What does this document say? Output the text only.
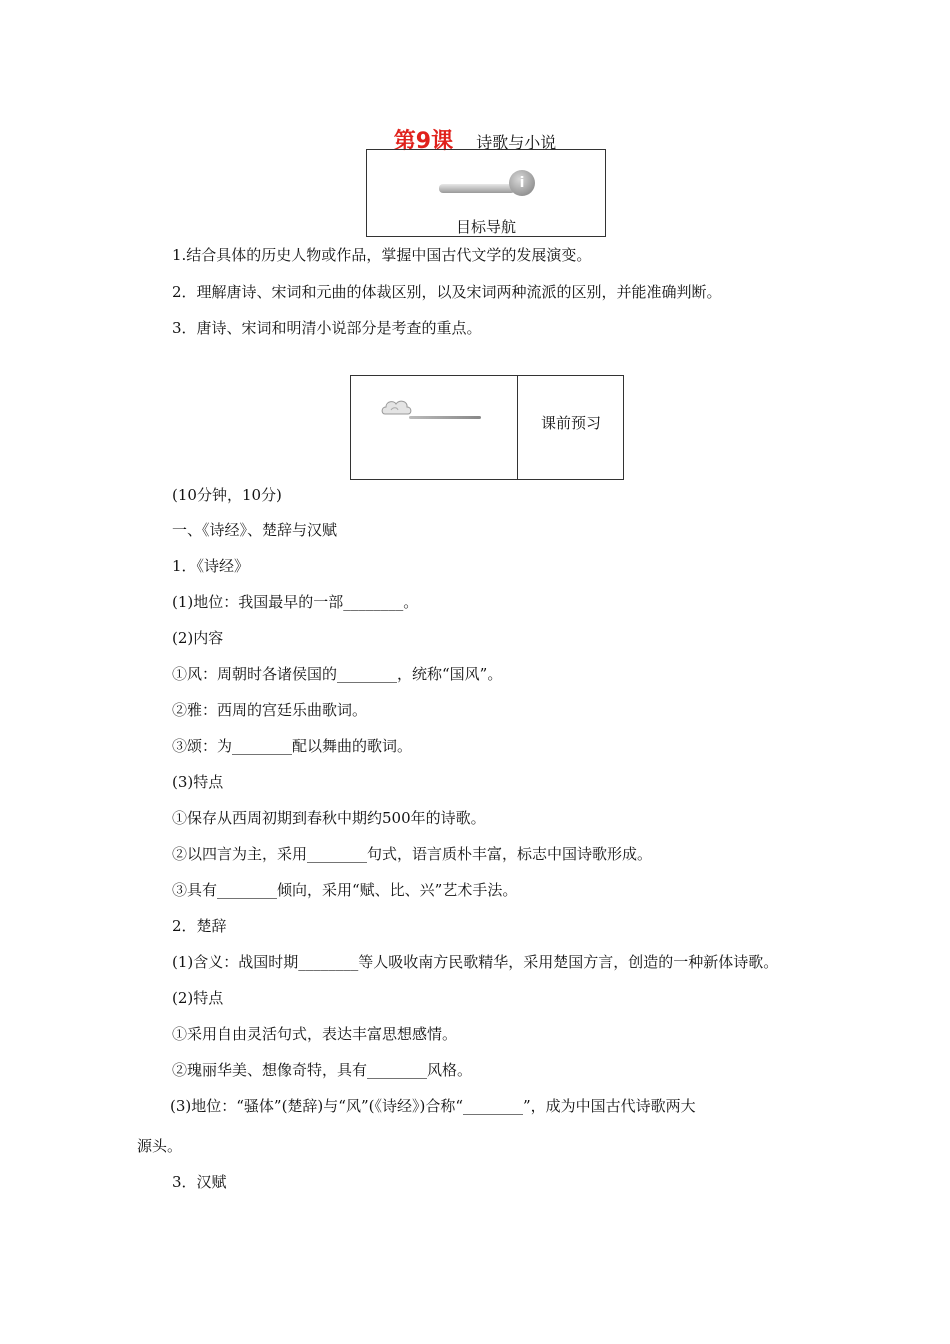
第9课 诗歌与小说
i
目标导航
1.结合具体的历史人物或作品，掌握中国古代文学的发展演变。
2．理解唐诗、宋词和元曲的体裁区别，以及宋词两种流派的区别，并能准确判断。
3．唐诗、宋词和明清小说部分是考查的重点。
课前预习
(10分钟，10分)
一、《诗经》、楚辞与汉赋
1．《诗经》
(1)地位：我国最早的一部________。
(2)内容
①风：周朝时各诸侯国的________，统称“国风”。
②雅：西周的宫廷乐曲歌词。
③颂：为________配以舞曲的歌词。
(3)特点
①保存从西周初期到春秋中期约500年的诗歌。
②以四言为主，采用________句式，语言质朴丰富，标志中国诗歌形成。
③具有________倾向，采用“赋、比、兴”艺术手法。
2．楚辞
(1)含义：战国时期________等人吸收南方民歌精华，采用楚国方言，创造的一种新体诗歌。
(2)特点
①采用自由灵活句式，表达丰富思想感情。
②瑰丽华美、想像奇特，具有________风格。
(3)地位：“骚体”(楚辞)与“风”(《诗经》)合称“________”，成为中国古代诗歌两大
源头。
3．汉赋
